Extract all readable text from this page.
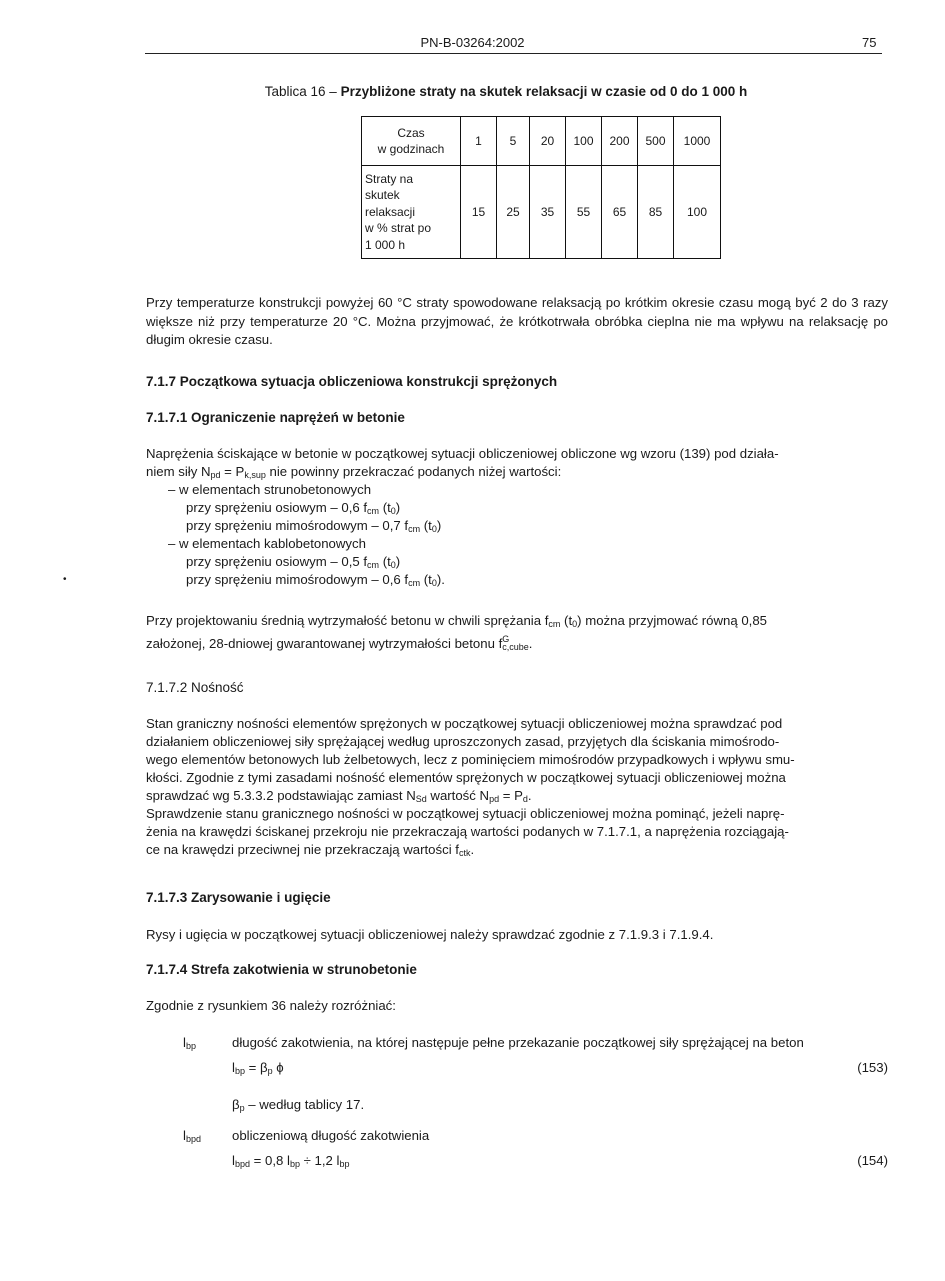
PN-B-03264:2002	75
Tablica 16 – Przybliżone straty na skutek relaksacji w czasie od 0 do 1 000 h
Czas
w godzinach	1	5	20	100	200	500	1000
Straty na
skutek
relaksacji
w % strat po
1 000 h	15	25	35	55	65	85	100
Przy temperaturze konstrukcji powyżej 60 °C straty spowodowane relaksacją po krótkim okresie czasu mogą być 2 do 3 razy większe niż przy temperaturze 20 °C. Można przyjmować, że krótkotrwała obróbka cieplna nie ma wpływu na relaksację po długim okresie czasu.
7.1.7 Początkowa sytuacja obliczeniowa konstrukcji sprężonych
7.1.7.1 Ograniczenie naprężeń w betonie
Naprężenia ściskające w betonie w początkowej sytuacji obliczeniowej obliczone wg wzoru (139) pod działa-
niem siły $N_{pd} = P_{k,sup}$ nie powinny przekraczać podanych niżej wartości:
– w elementach strunobetonowych
przy sprężeniu osiowym – 0,6 $f_{cm}$ $(t_0)$
przy sprężeniu mimośrodowym – 0,7 $f_{cm}$ $(t_0)$
– w elementach kablobetonowych
przy sprężeniu osiowym – 0,5 $f_{cm}$ $(t_0)$
przy sprężeniu mimośrodowym – 0,6 $f_{cm}$ $(t_0)$.
•
Przy projektowaniu średnią wytrzymałość betonu w chwili sprężania $f_{cm}$ $(t_0)$ można przyjmować równą 0,85
założonej, 28-dniowej gwarantowanej wytrzymałości betonu $f^G_{c,cube}$.
7.1.7.2 Nośność
Stan graniczny nośności elementów sprężonych w początkowej sytuacji obliczeniowej można sprawdzać pod
działaniem obliczeniowej siły sprężającej według uproszczonych zasad, przyjętych dla ściskania mimośrodo-
wego elementów betonowych lub żelbetowych, lecz z pominięciem mimośrodów przypadkowych i wpływu smu-
kłości. Zgodnie z tymi zasadami nośność elementów sprężonych w początkowej sytuacji obliczeniowej można
sprawdzać wg 5.3.3.2 podstawiając zamiast $N_{Sd}$ wartość $N_{pd} = P_d$.
Sprawdzenie stanu granicznego nośności w początkowej sytuacji obliczeniowej można pominąć, jeżeli naprę-
żenia na krawędzi ściskanej przekroju nie przekraczają wartości podanych w 7.1.7.1, a naprężenia rozciągają-
ce na krawędzi przeciwnej nie przekraczają wartości $f_{ctk}$.
7.1.7.3 Zarysowanie i ugięcie
Rysy i ugięcia w początkowej sytuacji obliczeniowej należy sprawdzać zgodnie z 7.1.9.3 i 7.1.9.4.
7.1.7.4 Strefa zakotwienia w strunobetonie
Zgodnie z rysunkiem 36 należy rozróżniać:
$l_{bp}$	długość zakotwienia, na której następuje pełne przekazanie początkowej siły sprężającej na beton
$l_{bp} = \beta_p$ ϕ	(153)
$\beta_p$ – według tablicy 17.
$l_{bpd}$ obliczeniową długość zakotwienia
$l_{bpd} = 0,8$ $l_{bp} \div 1,2$ $l_{bp}$	(154)
